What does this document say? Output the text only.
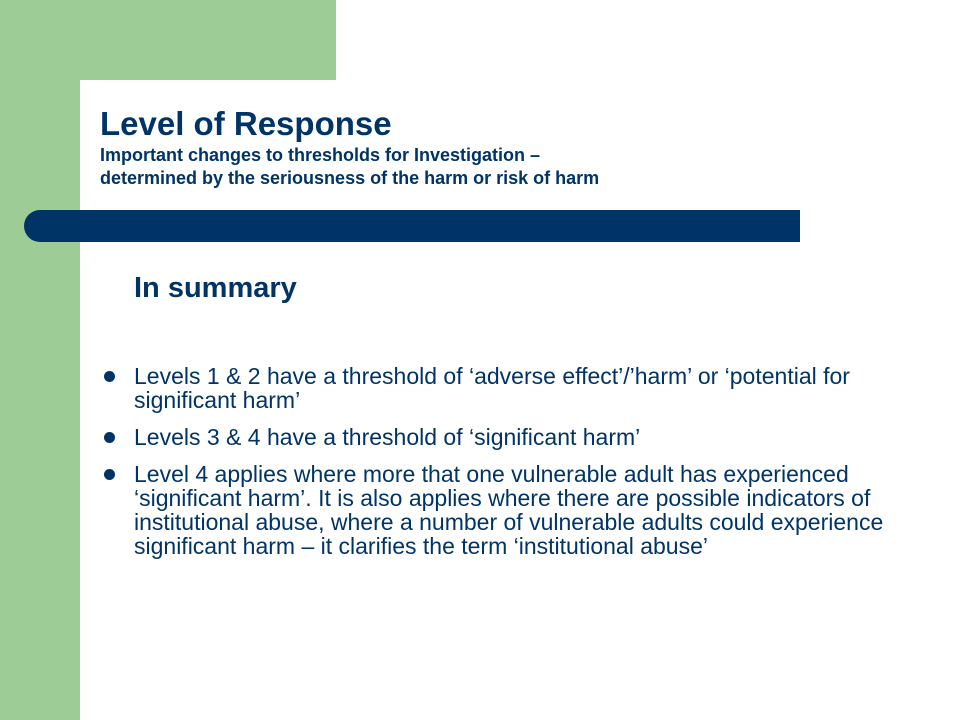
Level of Response

Important changes to thresholds for Investigation –
determined by the seriousness of the harm or risk of harm

In summary
Levels 1 & 2 have a threshold of ‘adverse effect’/’harm’ or ‘potential for significant harm’
Levels 3 & 4 have a threshold of ‘significant harm’
Level 4 applies where more that one vulnerable adult has experienced ‘significant harm’. It is also applies where there are possible indicators of institutional abuse, where a number of vulnerable adults could experience significant harm – it clarifies the term ‘institutional abuse’
